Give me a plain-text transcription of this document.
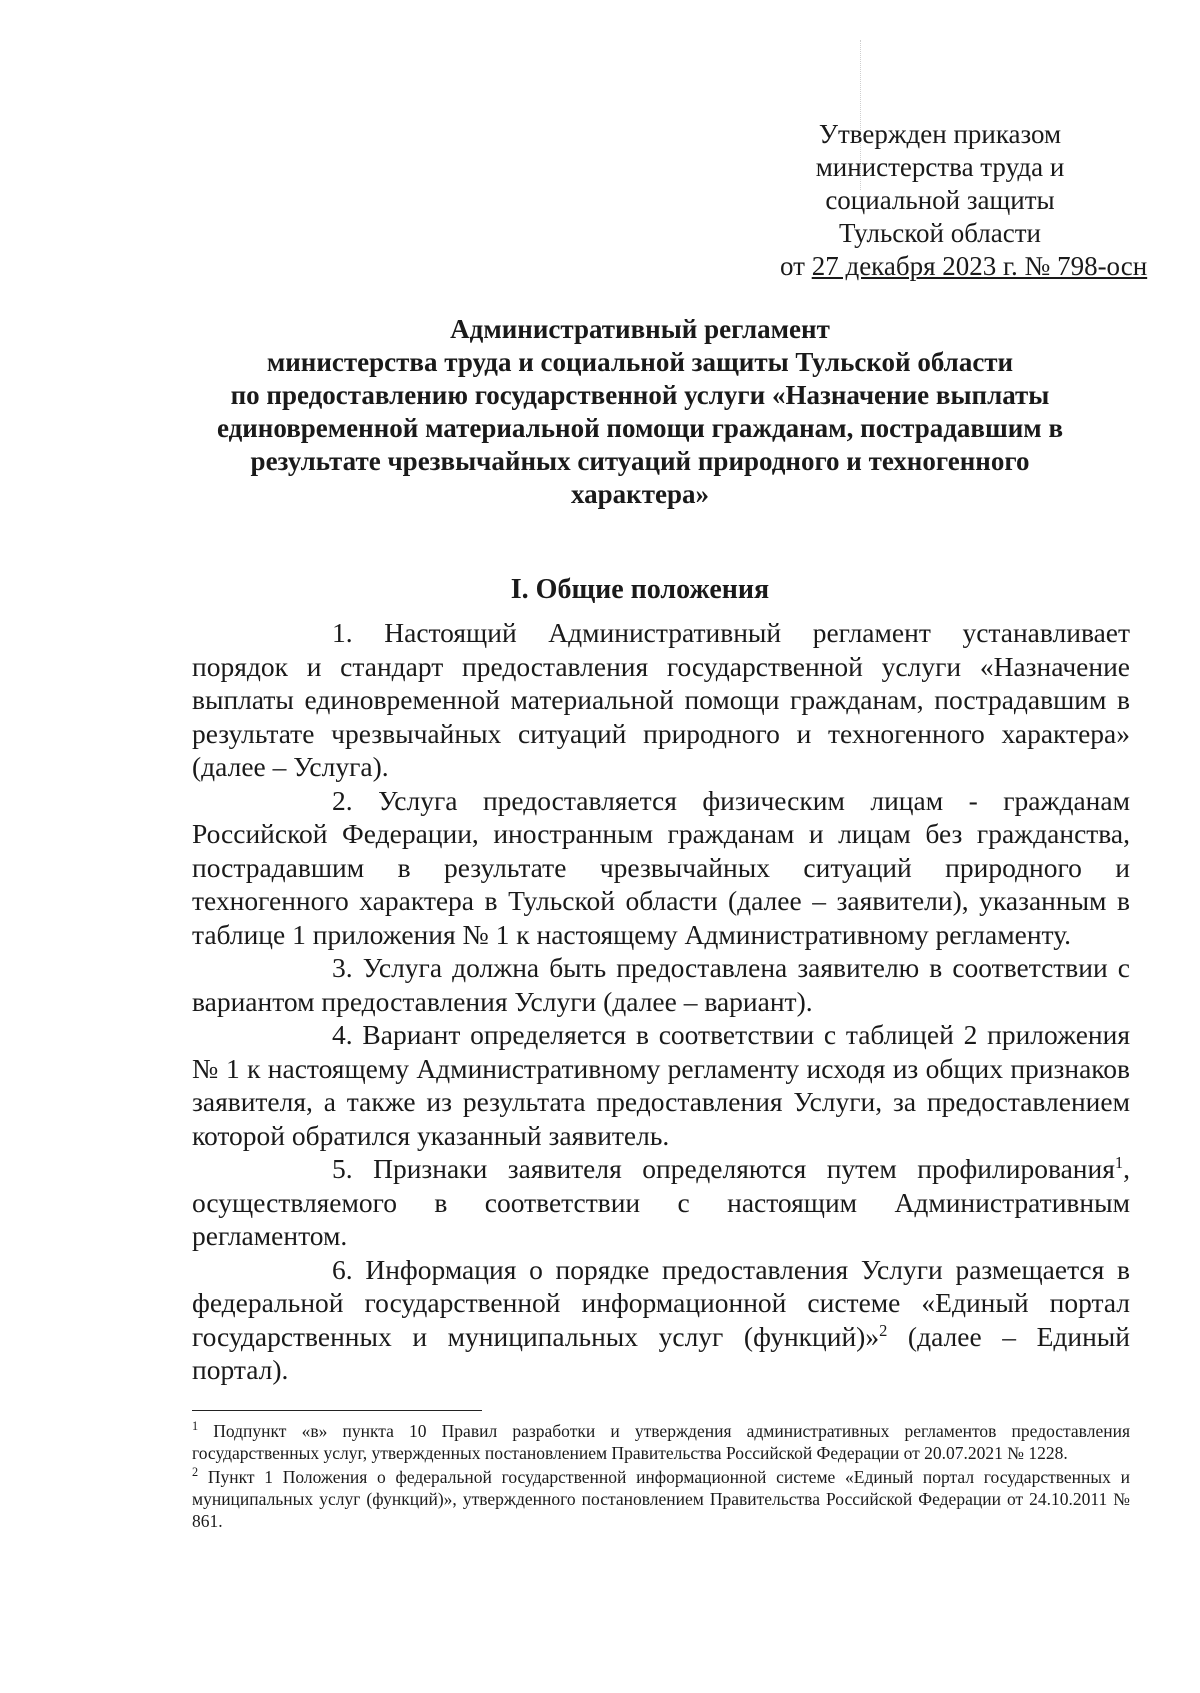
Утвержден приказом
министерства труда и
социальной защиты
Тульской области
от 27 декабря 2023 г. № 798-осн
Административный регламент
министерства труда и социальной защиты Тульской области
по предоставлению государственной услуги «Назначение выплаты
единовременной материальной помощи гражданам, пострадавшим в
результате чрезвычайных ситуаций природного и техногенного
характера»
I. Общие положения

1. Настоящий Административный регламент устанавливает порядок и стандарт предоставления государственной услуги «Назначение выплаты единовременной материальной помощи гражданам, пострадавшим в результате чрезвычайных ситуаций природного и техногенного характера» (далее – Услуга).

2. Услуга предоставляется физическим лицам - гражданам Российской Федерации, иностранным гражданам и лицам без гражданства, пострадавшим в результате чрезвычайных ситуаций природного и техногенного характера в Тульской области (далее – заявители), указанным в таблице 1 приложения № 1 к настоящему Административному регламенту.

3. Услуга должна быть предоставлена заявителю в соответствии с вариантом предоставления Услуги (далее – вариант).

4. Вариант определяется в соответствии с таблицей 2 приложения № 1 к настоящему Административному регламенту исходя из общих признаков заявителя, а также из результата предоставления Услуги, за предоставлением которой обратился указанный заявитель.

5. Признаки заявителя определяются путем профилирования$^1$, осуществляемого в соответствии с настоящим Административным регламентом.

6. Информация о порядке предоставления Услуги размещается в федеральной государственной информационной системе «Единый портал государственных и муниципальных услуг (функций)»$^2$ (далее – Единый портал).

$^1$ Подпункт «в» пункта 10 Правил разработки и утверждения административных регламентов предоставления государственных услуг, утвержденных постановлением Правительства Российской Федерации от 20.07.2021 № 1228.

$^2$ Пункт 1 Положения о федеральной государственной информационной системе «Единый портал государственных и муниципальных услуг (функций)», утвержденного постановлением Правительства Российской Федерации от 24.10.2011 № 861.
